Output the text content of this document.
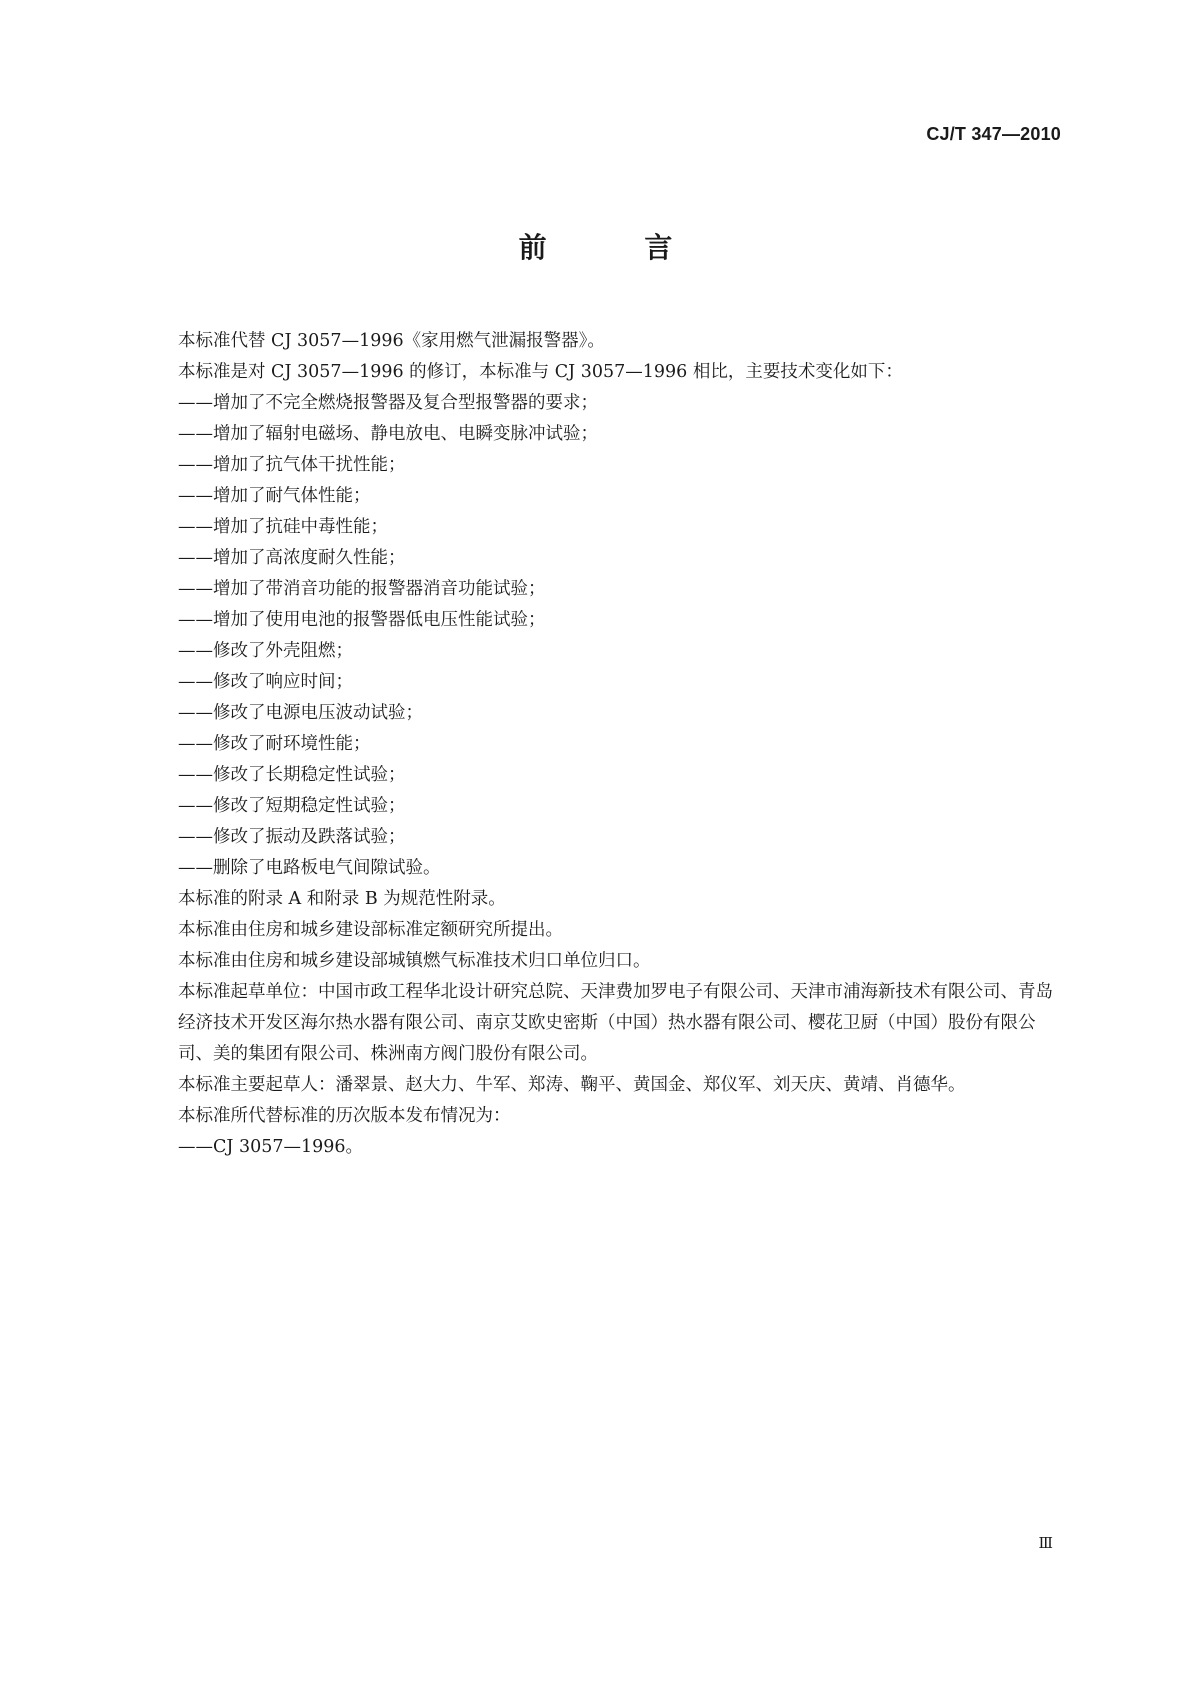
CJ/T 347—2010
前 言

本标准代替 CJ 3057—1996《家用燃气泄漏报警器》。

本标准是对 CJ 3057—1996 的修订，本标准与 CJ 3057—1996 相比，主要技术变化如下：

——增加了不完全燃烧报警器及复合型报警器的要求；

——增加了辐射电磁场、静电放电、电瞬变脉冲试验；

——增加了抗气体干扰性能；

——增加了耐气体性能；

——增加了抗硅中毒性能；

——增加了高浓度耐久性能；

——增加了带消音功能的报警器消音功能试验；

——增加了使用电池的报警器低电压性能试验；

——修改了外壳阻燃；

——修改了响应时间；

——修改了电源电压波动试验；

——修改了耐环境性能；

——修改了长期稳定性试验；

——修改了短期稳定性试验；

——修改了振动及跌落试验；

——删除了电路板电气间隙试验。

本标准的附录 A 和附录 B 为规范性附录。

本标准由住房和城乡建设部标准定额研究所提出。

本标准由住房和城乡建设部城镇燃气标准技术归口单位归口。

本标准起草单位：中国市政工程华北设计研究总院、天津费加罗电子有限公司、天津市浦海新技术有限公司、青岛经济技术开发区海尔热水器有限公司、南京艾欧史密斯（中国）热水器有限公司、樱花卫厨（中国）股份有限公司、美的集团有限公司、株洲南方阀门股份有限公司。

本标准主要起草人：潘翠景、赵大力、牛军、郑涛、鞠平、黄国金、郑仪军、刘天庆、黄靖、肖德华。

本标准所代替标准的历次版本发布情况为：

——CJ 3057—1996。

Ⅲ
